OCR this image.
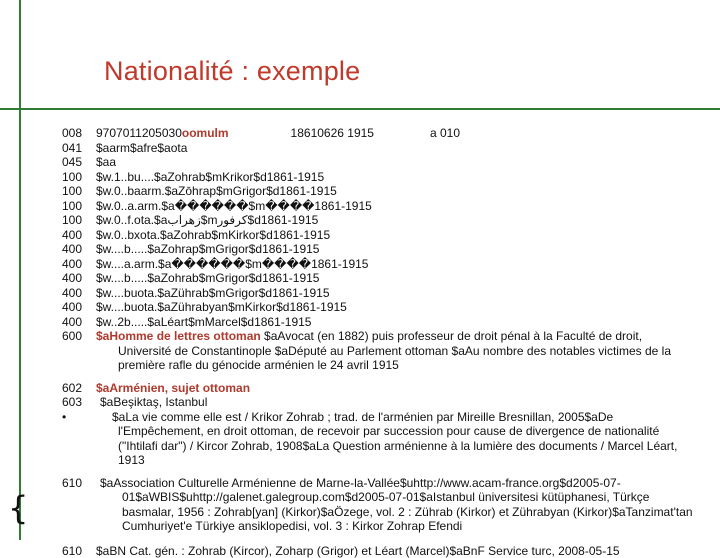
Nationalité : exemple
008	9707011205030oomulm	18610626 1915	a 010
041	$aarm$afre$aota
045	$aa
100	$w.1..bu....$aZohrab$mKrikor$d1861-1915
100	$w.0..baarm.$aZōhrap$mGrigor$d1861-1915
100	$w.0..a.arm.$a������$m����1861-1915
100	$w.0..f.ota.$aزهراب$mكرفور$d1861-1915
400	$w.0..bxota.$aZohrab$mKirkor$d1861-1915
400	$w....b.....$aZohrap$mGrigor$d1861-1915
400	$w....a.arm.$a������$m����1861-1915
400	$w....b.....$aZohrab$mGrigor$d1861-1915
400	$w....buota.$aZührab$mGrigor$d1861-1915
400	$w....buota.$aZührabyan$mKirkor$d1861-1915
400	$w..2b.....$aLéart$mMarcel$d1861-1915
600	$aHomme de lettres ottoman $aAvocat (en 1882) puis professeur de droit pénal à la Faculté de droit,
Université de Constantinople $aDéputé au Parlement ottoman $aAu nombre des notables victimes de la
première rafle du génocide arménien le 24 avril 1915
602	$aArménien, sujet ottoman
603	$aBeşiktaş, Istanbul
•	$aLa vie comme elle est / Krikor Zohrab ; trad. de l'arménien par Mireille Bresnillan, 2005$aDe
l'Empêchement, en droit ottoman, de recevoir par succession pour cause de divergence de nationalité
("Ihtilafi dar") / Kircor Zohrab, 1908$aLa Question arménienne à la lumière des documents / Marcel Léart,
1913
610	$aAssociation Culturelle Arménienne de Marne-la-Vallée$uhttp://www.acam-france.org$d2005-07-
01$aWBIS$uhttp://galenet.galegroup.com$d2005-07-01$aIstanbul üniversitesi kütüphanesi, Türkçe
basmalar, 1956 : Zohrab[yan] (Kirkor)$aÖzege, vol. 2 : Zührab (Kirkor) et Zührabyan (Kirkor)$aTanzimat'tan
Cumhuriyet'e Türkiye ansiklopedisi, vol. 3 : Kirkor Zohrap Efendi
610	$aBN Cat. gén. : Zohrab (Kircor), Zoharp (Grigor) et Léart (Marcel)$aBnF Service turc, 2008-05-15
{
